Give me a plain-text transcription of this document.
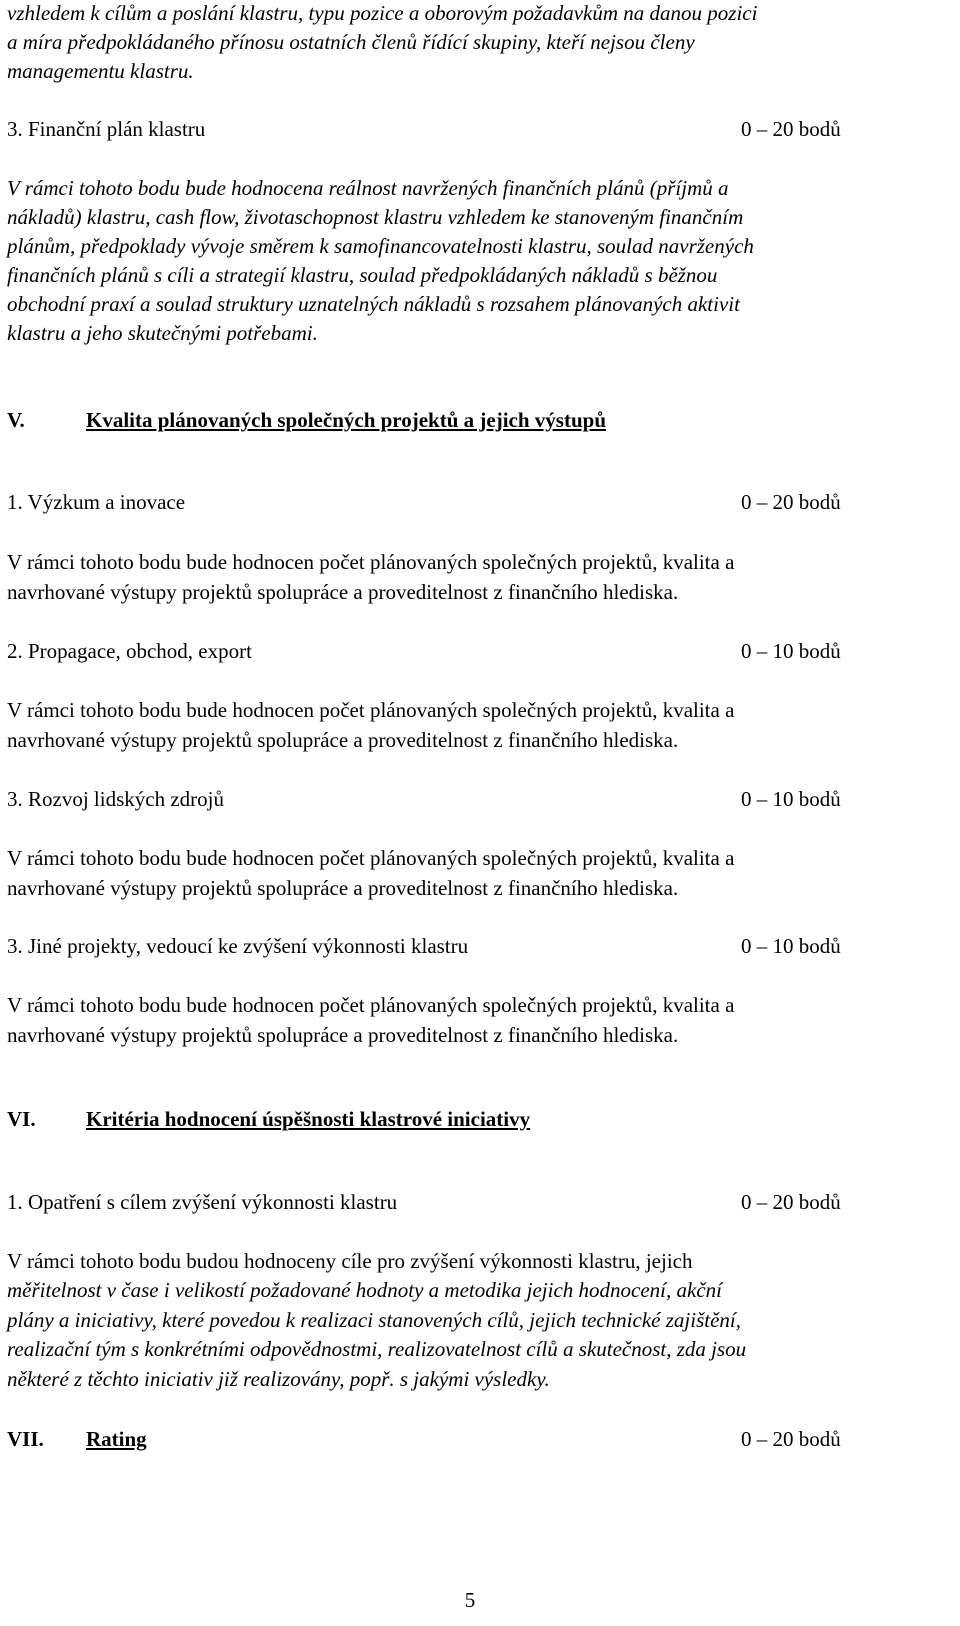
vzhledem k cílům a poslání klastru, typu pozice a oborovým požadavkům na danou pozici
a míra předpokládaného přínosu ostatních členů řídící skupiny, kteří nejsou členy
managementu klastru.
3. Finanční plán klastru	0 – 20 bodů
V rámci tohoto bodu bude hodnocena reálnost navržených finančních plánů (příjmů a
nákladů) klastru, cash flow, životaschopnost klastru vzhledem ke stanoveným finančním
plánům, předpoklady vývoje směrem k samofinancovatelnosti klastru, soulad navržených
finančních plánů s cíli a strategií klastru, soulad předpokládaných nákladů s běžnou
obchodní praxí a soulad struktury uznatelných nákladů s rozsahem plánovaných aktivit
klastru a jeho skutečnými potřebami.
V.	Kvalita plánovaných společných projektů a jejich výstupů
1. Výzkum a inovace	0 – 20 bodů
V rámci tohoto bodu bude hodnocen počet plánovaných společných projektů, kvalita a
navrhované výstupy projektů spolupráce a proveditelnost z finančního hlediska.
2. Propagace, obchod, export	0 – 10 bodů
V rámci tohoto bodu bude hodnocen počet plánovaných společných projektů, kvalita a
navrhované výstupy projektů spolupráce a proveditelnost z finančního hlediska.
3. Rozvoj lidských zdrojů	0 – 10 bodů
V rámci tohoto bodu bude hodnocen počet plánovaných společných projektů, kvalita a
navrhované výstupy projektů spolupráce a proveditelnost z finančního hlediska.
3. Jiné projekty, vedoucí ke zvýšení výkonnosti klastru	0 – 10 bodů
V rámci tohoto bodu bude hodnocen počet plánovaných společných projektů, kvalita a
navrhované výstupy projektů spolupráce a proveditelnost z finančního hlediska.
VI. Kritéria hodnocení úspěšnosti klastrové iniciativy
1. Opatření s cílem zvýšení výkonnosti klastru	0 – 20 bodů
V rámci tohoto bodu budou hodnoceny cíle pro zvýšení výkonnosti klastru, jejich
měřitelnost v čase i velikostí požadované hodnoty a metodika jejich hodnocení, akční
plány a iniciativy, které povedou k realizaci stanovených cílů, jejich technické zajištění,
realizační tým s konkrétními odpovědnostmi, realizovatelnost cílů a skutečnost, zda jsou
některé z těchto iniciativ již realizovány, popř. s jakými výsledky.
VII. Rating	0 – 20 bodů
5
